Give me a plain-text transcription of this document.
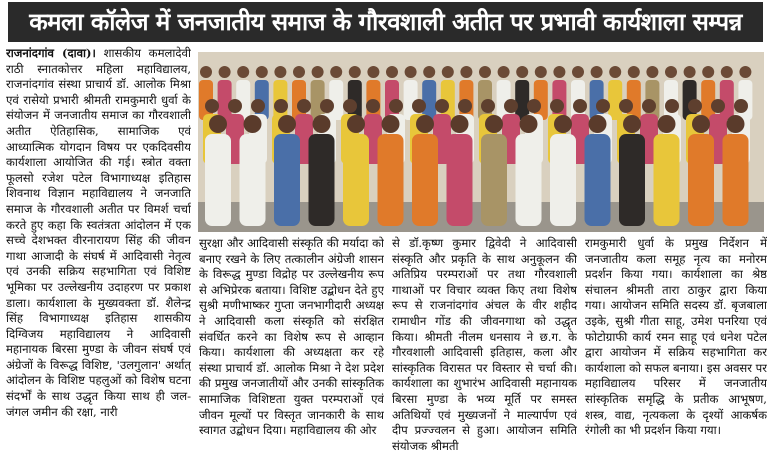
कमला कॉलेज में जनजातीय समाज के गौरवशाली अतीत पर प्रभावी कार्यशाला सम्पन्न

राजनांदगांव (दावा)। शासकीय कमलादेवी राठी स्नातकोत्तर महिला महाविद्यालय, राजनांदगांव संस्था प्राचार्य डॉ. आलोक मिश्रा एवं रासेयो प्रभारी श्रीमती रामकुमारी धुर्वा के संयोजन में जनजातीय समाज का गौरवशाली अतीत ऐतिहासिक, सामाजिक एवं आध्यात्मिक योगदान विषय पर एकदिवसीय कार्यशाला आयोजित की गई। स्त्रोत वक्ता फूलसो रजेश पटेल विभागाध्यक्ष इतिहास शिवनाथ विज्ञान महाविद्यालय ने जनजाति समाज के गौरवशाली अतीत पर विमर्श चर्चा करते हुए कहा कि स्वतंत्रता आंदोलन में एक सच्चे देशभक्त वीरनारायण सिंह की जीवन गाथा आजादी के संघर्ष में आदिवासी नेतृत्व एवं उनकी सक्रिय सहभागिता एवं विशिष्ट भूमिका पर उल्लेखनीय उदाहरण पर प्रकाश डाला। कार्यशाला के मुख्यवक्ता डॉ. शैलेन्द्र सिंह विभागाध्यक्ष इतिहास शासकीय दिग्विजय महाविद्यालय ने आदिवासी महानायक बिरसा मुण्डा के जीवन संघर्ष एवं अंग्रेजों के विरूद्ध विशिष्ट, 'उलगुलान' अर्थात् आंदोलन के विशिष्ट पहलुओं को विशेष घटना संदर्भों के साथ उद्धृत किया साथ ही जल-जंगल जमीन की रक्षा, नारी

सुरक्षा और आदिवासी संस्कृति की मर्यादा को बनाए रखने के लिए तत्कालीन अंग्रेजी शासन के विरूद्ध मुण्डा विद्रोह पर उल्लेखनीय रूप से अभिप्रेरक बताया। विशिष्ट उद्बोधन देते हुए सुश्री मणीभाष्कर गुप्ता जनभागीदारी अध्यक्ष ने आदिवासी कला संस्कृति को संरक्षित संवर्धित करने का विशेष रूप से आव्हान किया। कार्यशाला की अध्यक्षता कर रहे संस्था प्राचार्य डॉ. आलोक मिश्रा ने देश प्रदेश की प्रमुख जनजातीयों और उनकी सांस्कृतिक सामाजिक विशिष्टता युक्त परम्पराओं एवं जीवन मूल्यों पर विस्तृत जानकारी के साथ स्वागत उद्बोधन दिया। महाविद्यालय की ओर

से डॉ.कृष्ण कुमार द्विवेदी ने आदिवासी संस्कृति और प्रकृति के साथ अनुकूलन की अतिप्रिय परम्पराओं पर तथा गौरवशाली गाथाओं पर विचार व्यक्त किए तथा विशेष रूप से राजनांदगांव अंचल के वीर शहीद रामाधीन गोंड की जीवनगाथा को उद्धृत किया। श्रीमती नीलम धनसाय ने छ.ग. के गौरवशाली आदिवासी इतिहास, कला और सांस्कृतिक विरासत पर विस्तार से चर्चा की। कार्यशाला का शुभारंभ आदिवासी महानायक बिरसा मुण्डा के भव्य मूर्ति पर समस्त अतिथियों एवं मुख्यजनों ने माल्यार्पण एवं दीप प्रज्ज्वलन से हुआ। आयोजन समिति संयोजक श्रीमती

रामकुमारी धुर्वा के प्रमुख निर्देशन में जनजातीय कला समूह नृत्य का मनोरम प्रदर्शन किया गया। कार्यशाला का श्रेष्ठ संचालन श्रीमती तारा ठाकुर द्वारा किया गया। आयोजन समिति सदस्य डॉ. बृजबाला उइके, सुश्री गीता साहू, उमेश पनरिया एवं फोटोग्राफी कार्य रमन साहू एवं धनेश पटेल द्वारा आयोजन में सक्रिय सहभागिता कर कार्यशाला को सफल बनाया। इस अवसर पर महाविद्यालय परिसर में जनजातीय सांस्कृतिक समृद्धि के प्रतीक आभूषण, शस्त्र, वाद्य, नृत्यकला के दृश्यों आकर्षक रंगोली का भी प्रदर्शन किया गया।
